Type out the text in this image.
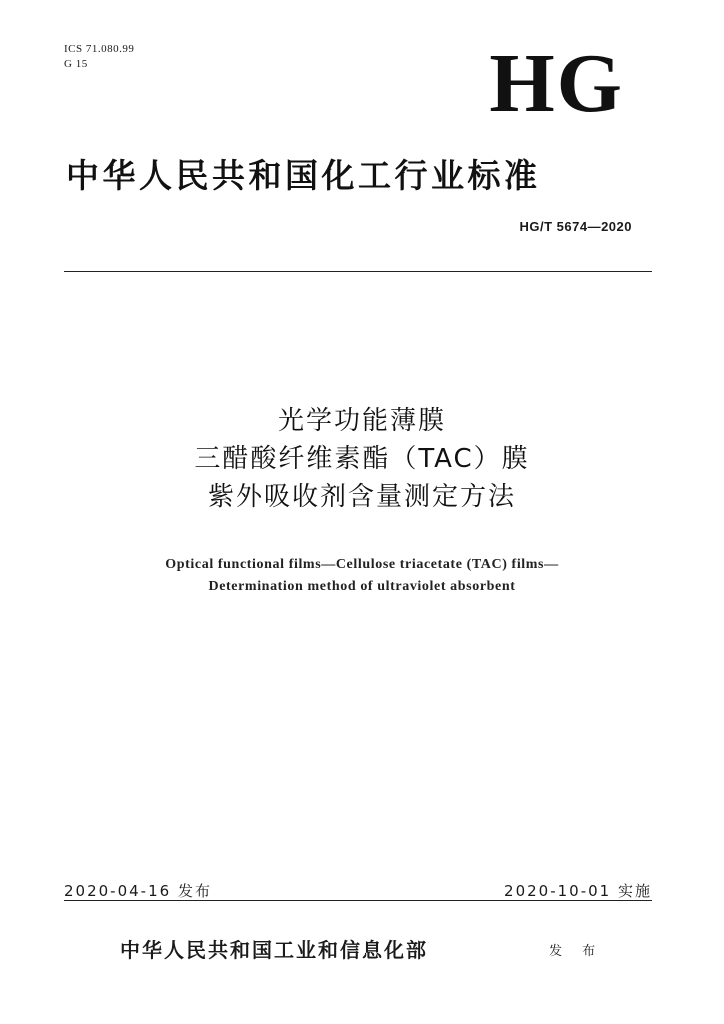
ICS 71.080.99
G 15	HG
中华人民共和国化工行业标准
HG/T 5674—2020
光学功能薄膜
三醋酸纤维素酯（TAC）膜
紫外吸收剂含量测定方法
Optical functional films—Cellulose triacetate (TAC) films—
Determination method of ultraviolet absorbent
2020-04-16 发布	2020-10-01 实施
中华人民共和国工业和信息化部	发 布
